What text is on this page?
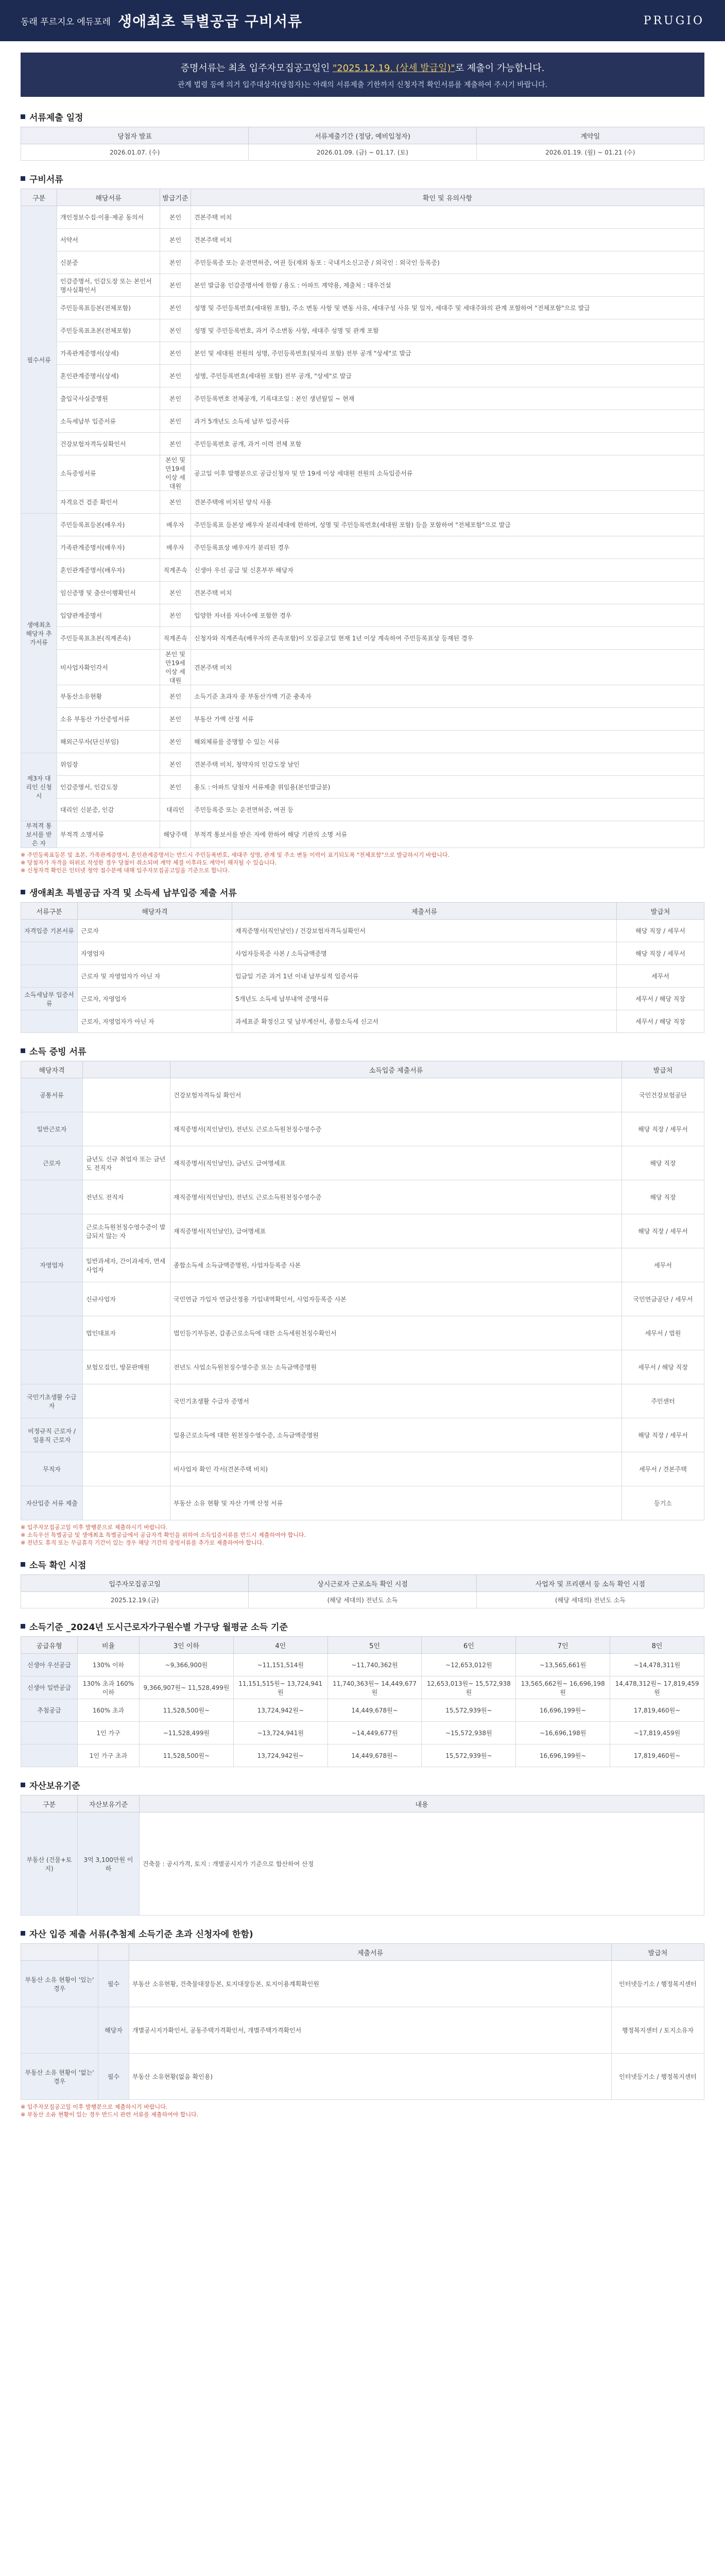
동래 푸르지오 에듀포레 생애최초 특별공급 구비서류	PRUGIO
증명서류는 최초 입주자모집공고일인 "2025.12.19. (상세 발급일)"로 제출이 가능합니다.
관계 법령 등에 의거 입주대상자(당첨자)는 아래의 서류제출 기한까지 신청자격 확인서류를 제출하여 주시기 바랍니다.
서류제출 일정
당첨자 발표	서류제출기간 (정당, 예비입청자)	계약일
2026.01.07. (수)	2026.01.09. (금) ~ 01.17. (토)	2026.01.19. (월) ~ 01.21 (수)
구비서류
구분	해당서류	발급기준	확인 및 유의사항
필수서류	개인정보수집·이용·제공 동의서	본인	견본주택 비치
	서약서	본인	견본주택 비치
	신분증	본인	주민등록증 또는 운전면허증, 여권 등(재외 동포 : 국내거소신고증 / 외국인 : 외국인 등록증)
	인감증명서, 인감도장 또는 본인서명사실확인서	본인	본인 발급용 인감증명서에 한함 / 용도 : 아파트 계약용, 제출처 : 대우건설
	주민등록표등본(전체포함)	본인	성명 및 주민등록번호(세대원 포함), 주소 변동 사항 및 변동 사유, 세대구성 사유 및 일자, 세대주 및 세대주와의 관계 포함하여 "전체포함"으로 발급
	주민등록표초본(전체포함)	본인	성명 및 주민등록번호, 과거 주소변동 사항, 세대주 성명 및 관계 포함
	가족관계증명서(상세)	본인	본인 및 세대원 전원의 성명, 주민등록번호(뒷자리 포함) 전부 공개 "상세"로 발급
	혼인관계증명서(상세)	본인	성명, 주민등록번호(세대원 포함) 전부 공개, "상세"로 발급
	출입국사실증명원	본인	주민등록번호 전체공개, 기록대조일 : 본인 생년월일 ~ 현재
	소득세납부 입증서류	본인	과거 5개년도 소득세 납부 입증서류
	건강보험자격득실확인서	본인	주민등록번호 공개, 과거 이력 전체 포함
	소득증빙서류	본인 및 만19세 이상 세대원	공고일 이후 발행분으로 공급신청자 및 만 19세 이상 세대원 전원의 소득입증서류
	자격요건 검증 확인서	본인	견본주택에 비치된 양식 사용
생애최초 해당자 추가서류	주민등록표등본(배우자)	배우자	주민등록표 등본상 배우자 분리세대에 한하며, 성명 및 주민등록번호(세대원 포함) 등을 포함하여 "전체포함"으로 발급
	가족관계증명서(배우자)	배우자	주민등록표상 배우자가 분리된 경우
	혼인관계증명서(배우자)	직계존속	신생아 우선 공급 및 신혼부부 해당자
	임신증명 및 출산이행확인서	본인	견본주택 비치
	입양관계증명서	본인	입양한 자녀를 자녀수에 포함한 경우
	주민등록표초본(직계존속)	직계존속	신청자와 직계존속(배우자의 존속포함)이 모집공고일 현재 1년 이상 계속하여 주민등록표상 등재된 경우
	비사업자확인각서	본인 및 만19세 이상 세대원	견본주택 비치
	부동산소유현황	본인	소득기준 초과자 중 부동산가액 기준 충족자
	소유 부동산 가산증빙서류	본인	부동산 가액 산정 서류
	해외근무자(단신부임)	본인	해외체류를 증명할 수 있는 서류
제3자 대리인 신청 시	위임장	본인	견본주택 비치, 청약자의 인감도장 날인
	인감증명서, 인감도장	본인	용도 : 아파트 당첨자 서류제출 위임용(본인발급분)
	대리인 신분증, 인감	대리인	주민등록증 또는 운전면허증, 여권 등
부적격 통보서를 받은 자	부적격 소명서류	해당주택	부적격 통보서를 받은 자에 한하여 해당 기관의 소명 서류
※ 주민등록표등본 및 초본, 가족관계증명서, 혼인관계증명서는 반드시 주민등록번호, 세대주 성명, 관계 및 주소 변동 이력이 표기되도록 "전체포함"으로 발급하시기 바랍니다.
※ 당첨자가 자격을 허위로 작성한 경우 당첨이 취소되며 계약 체결 이후라도 계약이 해지될 수 있습니다.
※ 신청자격 확인은 인터넷 청약 접수분에 대해 입주자모집공고일을 기준으로 합니다.
생애최초 특별공급 자격 및 소득세 납부입증 제출 서류
서류구분	해당자격	제출서류	발급처
자격입증 기본서류	근로자	재직증명서(직인날인) / 건강보험자격득실확인서	해당 직장 / 세무서
	자영업자	사업자등록증 사본 / 소득금액증명	해당 직장 / 세무서
	근로자 및 자영업자가 아닌 자	입금일 기준 과거 1년 이내 납부실적 입증서류	세무서
소득세납부 입증서류	근로자, 자영업자	5개년도 소득세 납부내역 증명서류	세무서 / 해당 직장
	근로자, 자영업자가 아닌 자	과세표준 확정신고 및 납부계산서, 종합소득세 신고서	세무서 / 해당 직장
소득 증빙 서류
해당자격		소득입증 제출서류	발급처
공통서류		건강보험자격득실 확인서	국민건강보험공단
일반근로자		재직증명서(직인날인), 전년도 근로소득원천징수영수증	해당 직장 / 세무서
근로자	금년도 신규 취업자 또는 금년도 전직자	재직증명서(직인날인), 금년도 급여명세표	해당 직장
	전년도 전직자	재직증명서(직인날인), 전년도 근로소득원천징수영수증	해당 직장
	근로소득원천징수영수증이 발급되지 않는 자	재직증명서(직인날인), 급여명세표	해당 직장 / 세무서
자영업자	일반과세자, 간이과세자, 면세사업자	종합소득세 소득금액증명원, 사업자등록증 사본	세무서
	신규사업자	국민연금 가입자 연금산정용 가입내역확인서, 사업자등록증 사본	국민연금공단 / 세무서
	법인대표자	법인등기부등본, 갑종근로소득에 대한 소득세원천징수확인서	세무서 / 법원
	보험모집인, 방문판매원	전년도 사업소득원천징수영수증 또는 소득금액증명원	세무서 / 해당 직장
국민기초생활 수급자		국민기초생활 수급자 증명서	주민센터
비정규직 근로자 / 일용직 근로자		일용근로소득에 대한 원천징수영수증, 소득금액증명원	해당 직장 / 세무서
무직자		비사업자 확인 각서(견본주택 비치)	세무서 / 견본주택
자산입증 서류 제출		부동산 소유 현황 및 자산 가액 산정 서류	등기소
※ 입주자모집공고일 이후 발행분으로 제출하시기 바랍니다.
※ 소득우선 특별공급 및 생애최초 특별공급에서 공급자격 확인을 위하여 소득입증서류를 반드시 제출하여야 합니다.
※ 전년도 휴직 또는 무급휴직 기간이 있는 경우 해당 기간의 증빙서류를 추가로 제출하여야 합니다.
소득 확인 시점
입주자모집공고일	상시근로자 근로소득 확인 시점	사업자 및 프리랜서 등 소득 확인 시점
2025.12.19.(금)	(해당 세대의) 전년도 소득	(해당 세대의) 전년도 소득
소득기준 _2024년 도시근로자가구원수별 가구당 월평균 소득 기준
공급유형	비율	3인 이하	4인	5인	6인	7인	8인
신생아 우선공급	130% 이하	~9,366,900원	~11,151,514원	~11,740,362원	~12,653,012원	~13,565,661원	~14,478,311원
신생아 일반공급	130% 초과 160% 이하	9,366,907원~ 11,528,499원	11,151,515원~ 13,724,941원	11,740,363원~ 14,449,677원	12,653,013원~ 15,572,938원	13,565,662원~ 16,696,198원	14,478,312원~ 17,819,459원
추첨공급	160% 초과	11,528,500원~	13,724,942원~	14,449,678원~	15,572,939원~	16,696,199원~	17,819,460원~
	1인 가구	~11,528,499원	~13,724,941원	~14,449,677원	~15,572,938원	~16,696,198원	~17,819,459원
	1인 가구 초과	11,528,500원~	13,724,942원~	14,449,678원~	15,572,939원~	16,696,199원~	17,819,460원~
자산보유기준
구분	자산보유기준	내용
부동산 (건물+토지)	3억 3,100만원 이하	건축물 : 공시가격, 토지 : 개별공시지가 기준으로 합산하여 산정
자산 입증 제출 서류(추첨제 소득기준 초과 신청자에 한함)
		제출서류	발급처
부동산 소유 현황이 '있는' 경우	필수	부동산 소유현황, 건축물대장등본, 토지대장등본, 토지이용계획확인원	인터넷등기소 / 행정복지센터
	해당자	개별공시지가확인서, 공동주택가격확인서, 개별주택가격확인서	행정복지센터 / 토지소유자
부동산 소유 현황이 '없는' 경우	필수	부동산 소유현황(없음 확인용)	인터넷등기소 / 행정복지센터
※ 입주자모집공고일 이후 발행분으로 제출하시기 바랍니다.
※ 부동산 소유 현황이 있는 경우 반드시 관련 서류를 제출하여야 합니다.
